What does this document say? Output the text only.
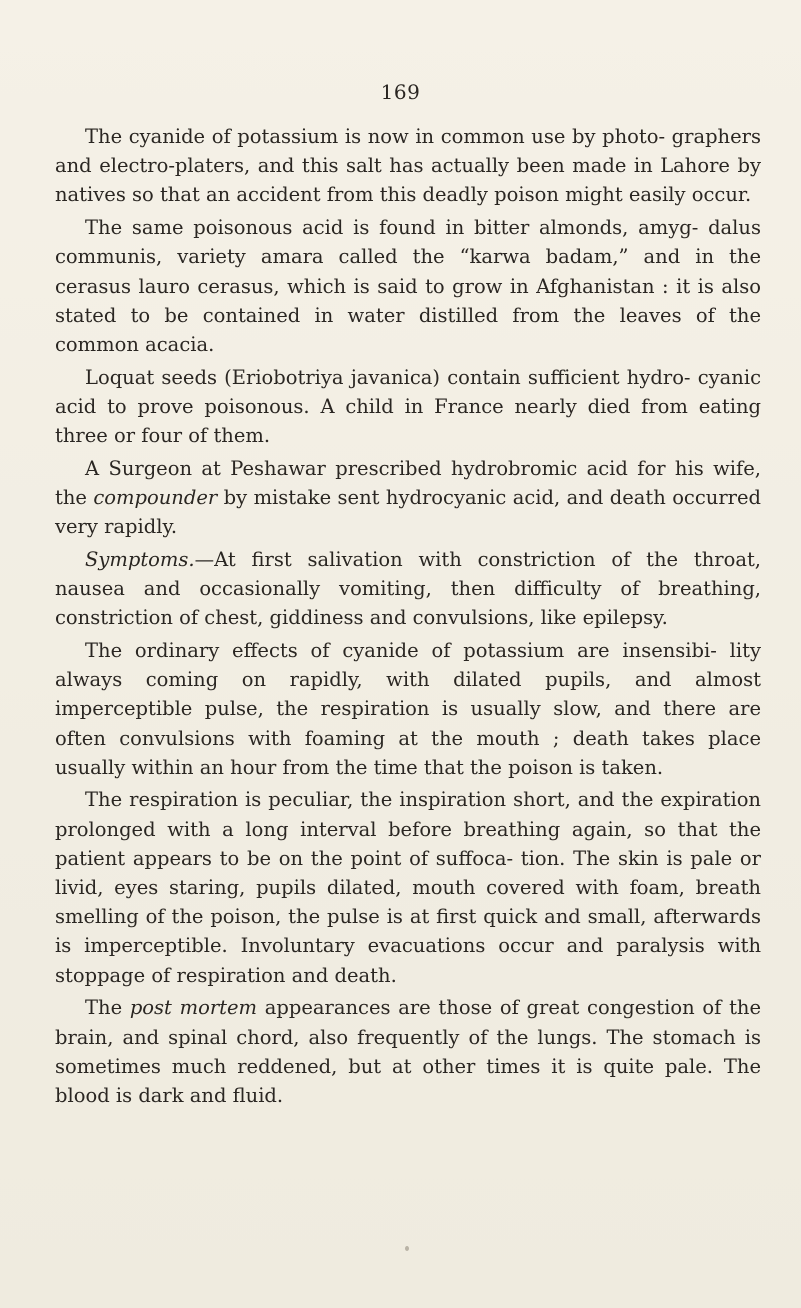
169

The cyanide of potassium is now in common use by photo- graphers and electro-platers, and this salt has actually been made in Lahore by natives so that an accident from this deadly poison might easily occur.

The same poisonous acid is found in bitter almonds, amyg- dalus communis, variety amara called the “karwa badam,” and in the cerasus lauro cerasus, which is said to grow in Afghanistan : it is also stated to be contained in water distilled from the leaves of the common acacia.

Loquat seeds (Eriobotriya javanica) contain sufficient hydro- cyanic acid to prove poisonous. A child in France nearly died from eating three or four of them.

A Surgeon at Peshawar prescribed hydrobromic acid for his wife, the compounder by mistake sent hydrocyanic acid, and death occurred very rapidly.

Symptoms.—At first salivation with constriction of the throat, nausea and occasionally vomiting, then difficulty of breathing, constriction of chest, giddiness and convulsions, like epilepsy.

The ordinary effects of cyanide of potassium are insensibi- lity always coming on rapidly, with dilated pupils, and almost imperceptible pulse, the respiration is usually slow, and there are often convulsions with foaming at the mouth ; death takes place usually within an hour from the time that the poison is taken.

The respiration is peculiar, the inspiration short, and the expiration prolonged with a long interval before breathing again, so that the patient appears to be on the point of suffoca- tion. The skin is pale or livid, eyes staring, pupils dilated, mouth covered with foam, breath smelling of the poison, the pulse is at first quick and small, afterwards is imperceptible. Involuntary evacuations occur and paralysis with stoppage of respiration and death.

The post mortem appearances are those of great congestion of the brain, and spinal chord, also frequently of the lungs. The stomach is sometimes much reddened, but at other times it is quite pale. The blood is dark and fluid.
